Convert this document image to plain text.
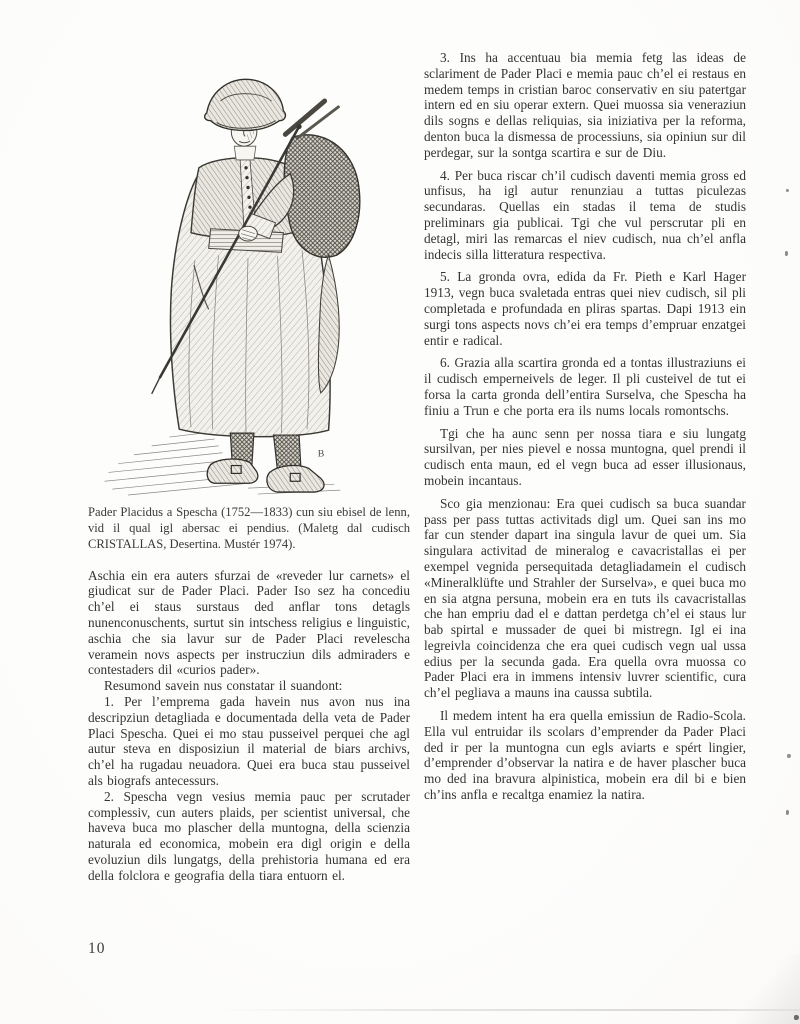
B
Pader Placidus a Spescha (1752—1833) cun siu ebisel de lenn, vid il qual igl abersac ei pendius. (Maletg dal cudisch CRISTALLAS, Desertina. Mustér 1974).

Aschia ein era auters sfurzai de «reveder lur carnets» el giudicat sur de Pader Placi. Pader Iso sez ha concediu ch’el ei staus surstaus ded anflar tons detagls nunenconuschents, surtut sin intschess religius e linguistic, aschia che sia lavur sur de Pader Placi revelescha veramein novs aspects per instrucziun dils admiraders e contestaders dil «curios pader».

Resumond savein nus constatar il suandont:

1. Per l’emprema gada havein nus avon nus ina descripziun detagliada e documentada della veta de Pader Placi Spescha. Quei ei mo stau pusseivel perquei che agl autur steva en disposiziun il material de biars archivs, ch’el ha rugadau neuadora. Quei era buca stau pusseivel als biografs antecessurs.

2. Spescha vegn vesius memia pauc per scrutader complessiv, cun auters plaids, per scientist universal, che haveva buca mo plascher della muntogna, della scienzia naturala ed economica, mobein era digl origin e della evoluziun dils lungatgs, della prehistoria humana ed era della folclora e geografia della tiara entuorn el.

3. Ins ha accentuau bia memia fetg las ideas de sclariment de Pader Placi e memia pauc ch’el ei restaus en medem temps in cristian baroc conservativ en siu patertgar intern ed en siu operar extern. Quei muossa sia veneraziun dils sogns e dellas reliquias, sia iniziativa per la reforma, denton buca la dismessa de processiuns, sia opiniun sur dil perdegar, sur la sontga scartira e sur de Diu.

4. Per buca riscar ch’il cudisch daventi memia gross ed unfisus, ha igl autur renunziau a tuttas piculezas secundaras. Quellas ein stadas il tema de studis preliminars gia publicai. Tgi che vul perscrutar pli en detagl, miri las remarcas el niev cudisch, nua ch’el anfla indecis silla litteratura respectiva.

5. La gronda ovra, edida da Fr. Pieth e Karl Hager 1913, vegn buca svaletada entras quei niev cudisch, sil pli completada e profundada en pliras spartas. Dapi 1913 ein surgi tons aspects novs ch’ei era temps d’empruar enzatgei entir e radical.

6. Grazia alla scartira gronda ed a tontas illustraziuns ei il cudisch emperneivels de leger. Il pli custeivel de tut ei forsa la carta gronda dell’entira Surselva, che Spescha ha finiu a Trun e che porta era ils nums locals romontschs.

Tgi che ha aunc senn per nossa tiara e siu lungatg sursilvan, per nies pievel e nossa muntogna, quel prendi il cudisch enta maun, ed el vegn buca ad esser illusionaus, mobein incantaus.

Sco gia menzionau: Era quei cudisch sa buca suandar pass per pass tuttas activitads digl um. Quei san ins mo far cun stender dapart ina singula lavur de quei um. Sia singulara activitad de mineralog e cavacristallas ei per exempel vegnida persequitada detagliadamein el cudisch «Mineralklüfte und Strahler der Surselva», e quei buca mo en sia atgna persuna, mobein era en tuts ils cavacristallas che han empriu dad el e dattan perdetga ch’el ei staus lur bab spirtal e mussader de quei bi mistregn. Igl ei ina legreivla coincidenza che era quei cudisch vegn ual ussa edius per la secunda gada. Era quella ovra muossa co Pader Placi era in immens intensiv luvrer scientific, cura ch’el pegliava a mauns ina caussa subtila.

Il medem intent ha era quella emissiun de Radio-Scola. Ella vul entruidar ils scolars d’emprender da Pader Placi ded ir per la muntogna cun egls aviarts e spért lingier, d’emprender d’observar la natira e de haver plascher buca mo ded ina bravura alpinistica, mobein era dil bi e bien ch’ins anfla e recaltga enamiez la natira.

10
